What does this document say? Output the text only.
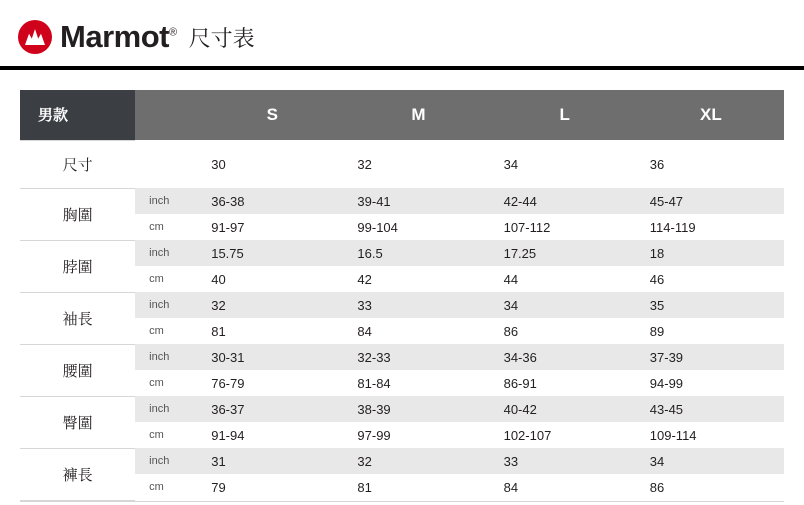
Marmot® 尺寸表
男款		S	M	L	XL
尺寸		30	32	34	36
胸圍	inch	36-38	39-41	42-44	45-47
	cm	91-97	99-104	107-112	114-119
脖圍	inch	15.75	16.5	17.25	18
	cm	40	42	44	46
袖長	inch	32	33	34	35
	cm	81	84	86	89
腰圍	inch	30-31	32-33	34-36	37-39
	cm	76-79	81-84	86-91	94-99
臀圍	inch	36-37	38-39	40-42	43-45
	cm	91-94	97-99	102-107	109-114
褲長	inch	31	32	33	34
	cm	79	81	84	86
